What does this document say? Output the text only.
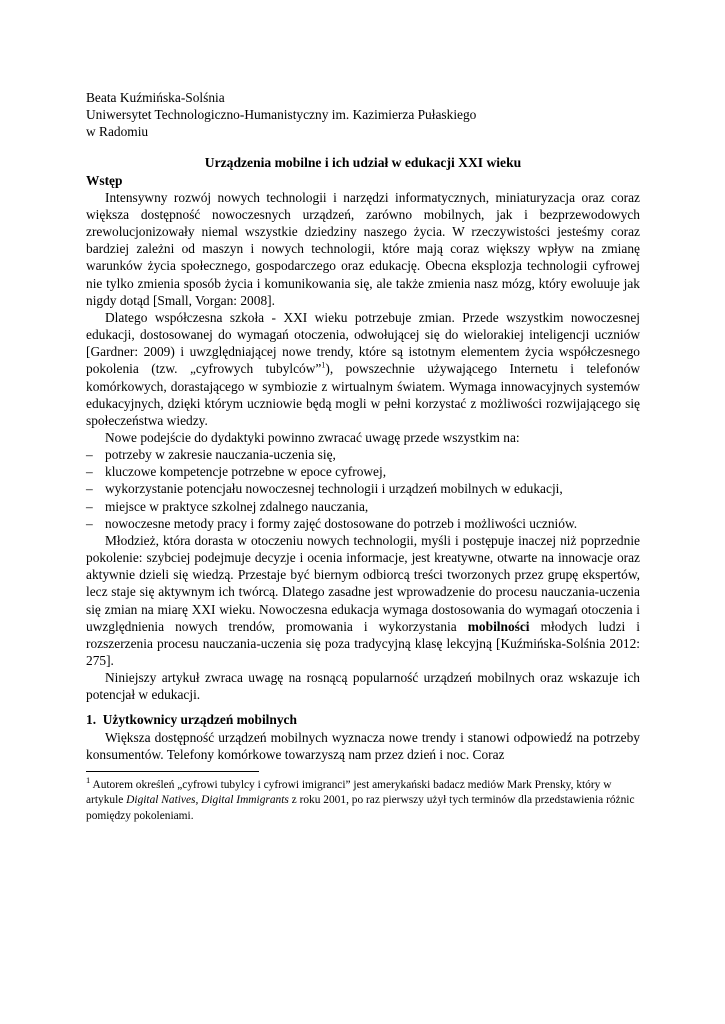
Beata Kuźmińska-Solśnia
Uniwersytet Technologiczno-Humanistyczny im. Kazimierza Pułaskiego
w Radomiu
Urządzenia mobilne i ich udział w edukacji XXI wieku
Wstęp

Intensywny rozwój nowych technologii i narzędzi informatycznych, miniaturyzacja oraz coraz większa dostępność nowoczesnych urządzeń, zarówno mobilnych, jak i bezprzewodowych zrewolucjonizowały niemal wszystkie dziedziny naszego życia. W rzeczywistości jesteśmy coraz bardziej zależni od maszyn i nowych technologii, które mają coraz większy wpływ na zmianę warunków życia społecznego, gospodarczego oraz edukację. Obecna eksplozja technologii cyfrowej nie tylko zmienia sposób życia i komunikowania się, ale także zmienia nasz mózg, który ewoluuje jak nigdy dotąd [Small, Vorgan: 2008].

Dlatego współczesna szkoła - XXI wieku potrzebuje zmian. Przede wszystkim nowoczesnej edukacji, dostosowanej do wymagań otoczenia, odwołującej się do wielorakiej inteligencji uczniów [Gardner: 2009) i uwzględniającej nowe trendy, które są istotnym elementem życia współczesnego pokolenia (tzw. „cyfrowych tubylców”$^1$), powszechnie używającego Internetu i telefonów komórkowych, dorastającego w symbiozie z wirtualnym światem. Wymaga innowacyjnych systemów edukacyjnych, dzięki którym uczniowie będą mogli w pełni korzystać z możliwości rozwijającego się społeczeństwa wiedzy.

Nowe podejście do dydaktyki powinno zwracać uwagę przede wszystkim na:

– potrzeby w zakresie nauczania-uczenia się,
– kluczowe kompetencje potrzebne w epoce cyfrowej,
– wykorzystanie potencjału nowoczesnej technologii i urządzeń mobilnych w edukacji,
– miejsce w praktyce szkolnej zdalnego nauczania,
– nowoczesne metody pracy i formy zajęć dostosowane do potrzeb i możliwości uczniów.

Młodzież, która dorasta w otoczeniu nowych technologii, myśli i postępuje inaczej niż poprzednie pokolenie: szybciej podejmuje decyzje i ocenia informacje, jest kreatywne, otwarte na innowacje oraz aktywnie dzieli się wiedzą. Przestaje być biernym odbiorcą treści tworzonych przez grupę ekspertów, lecz staje się aktywnym ich twórcą. Dlatego zasadne jest wprowadzenie do procesu nauczania-uczenia się zmian na miarę XXI wieku. Nowoczesna edukacja wymaga dostosowania do wymagań otoczenia i uwzględnienia nowych trendów, promowania i wykorzystania mobilności młodych ludzi i rozszerzenia procesu nauczania-uczenia się poza tradycyjną klasę lekcyjną [Kuźmińska-Solśnia 2012: 275].

Niniejszy artykuł zwraca uwagę na rosnącą popularność urządzeń mobilnych oraz wskazuje ich potencjał w edukacji.

1. Użytkownicy urządzeń mobilnych

Większa dostępność urządzeń mobilnych wyznacza nowe trendy i stanowi odpowiedź na potrzeby konsumentów. Telefony komórkowe towarzyszą nam przez dzień i noc. Coraz

$^1$ Autorem określeń „cyfrowi tubylcy i cyfrowi imigranci” jest amerykański badacz mediów Mark Prensky, który w artykule Digital Natives, Digital Immigrants z roku 2001, po raz pierwszy użył tych terminów dla przedstawienia różnic pomiędzy pokoleniami.
